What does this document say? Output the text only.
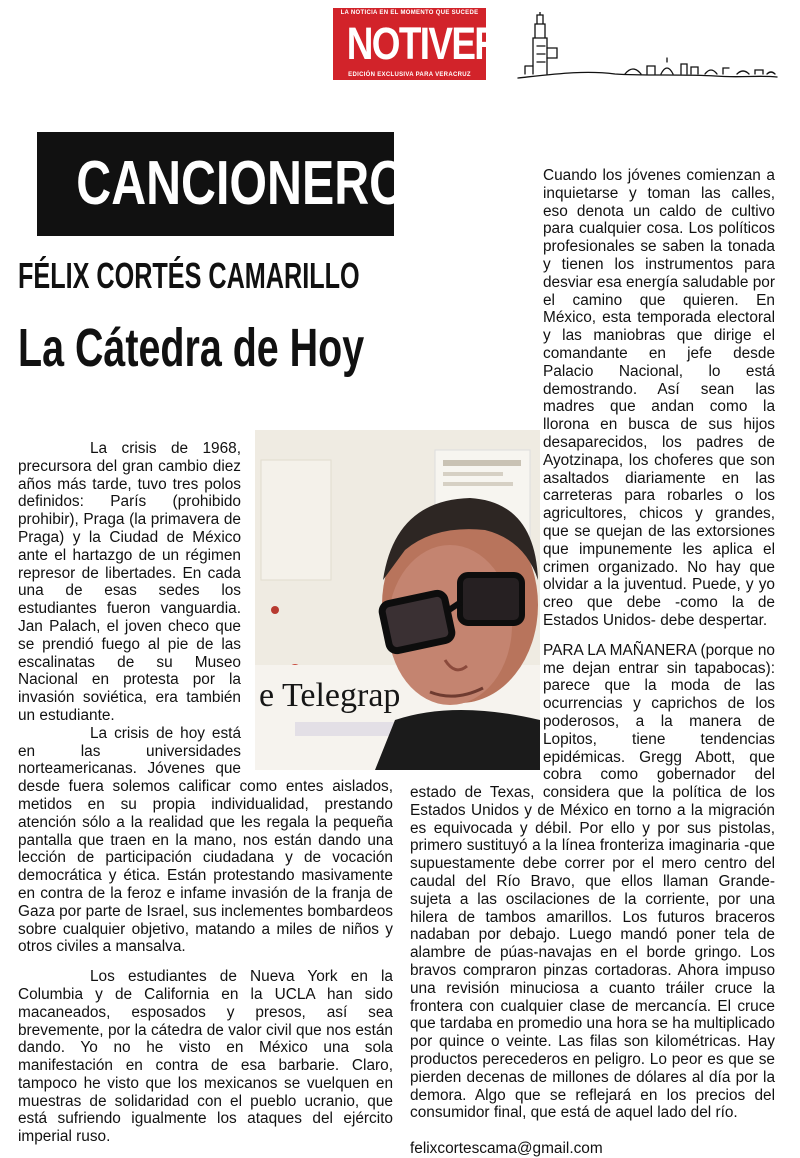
LA NOTICIA EN EL MOMENTO QUE SUCEDE
NOTIVER
EDICIÓN EXCLUSIVA PARA VERACRUZ
CANCIONERO
FÉLIX CORTÉS CAMARILLO
La Cátedra de Hoy

La crisis de 1968, precursora del gran cambio diez años más tarde, tuvo tres polos definidos: París (prohibido prohibir), Praga (la primavera de Praga) y la Ciudad de México ante el hartazgo de un régimen represor de libertades. En cada una de esas sedes los estudiantes fueron vanguardia. Jan Palach, el joven checo que se prendió fuego al pie de las escalinatas de su Museo Nacional en protesta por la invasión soviética, era también un estudiante.

La crisis de hoy está en las universidades norteamericanas. Jóvenes que desde fuera solemos calificar como entes aislados, metidos en su propia individualidad, prestando atención sólo a la realidad que les regala la pequeña pantalla que traen en la mano, nos están dando una lección de participación ciudadana y de vocación democrática y ética. Están protestando masivamente en contra de la feroz e infame invasión de la franja de Gaza por parte de Israel, sus inclementes bombardeos sobre cualquier objetivo, matando a miles de niños y otros civiles a mansalva.

Los estudiantes de Nueva York en la Columbia y de California en la UCLA han sido macaneados, esposados y presos, así sea brevemente, por la cátedra de valor civil que nos están dando. Yo no he visto en México una sola manifestación en contra de esa barbarie. Claro, tampoco he visto que los mexicanos se vuelquen en muestras de solidaridad con el pueblo ucranio, que está sufriendo igualmente los ataques del ejército imperial ruso.

Cuando los jóvenes comienzan a inquietarse y toman las calles, eso denota un caldo de cultivo para cualquier cosa. Los políticos profesionales se saben la tonada y tienen los instrumentos para desviar esa energía saludable por el camino que quieren. En México, esta temporada electoral y las maniobras que dirige el comandante en jefe desde Palacio Nacional, lo está demostrando. Así sean las madres que andan como la llorona en busca de sus hijos desaparecidos, los padres de Ayotzinapa, los choferes que son asaltados diariamente en las carreteras para robarles o los agricultores, chicos y grandes, que se quejan de las extorsiones que impunemente les aplica el crimen organizado. No hay que olvidar a la juventud. Puede, y yo creo que debe -como la de Estados Unidos- debe despertar.

PARA LA MAÑANERA (porque no me dejan entrar sin tapabocas): parece que la moda de las ocurrencias y caprichos de los poderosos, a la manera de Lopitos, tiene tendencias epidémicas. Gregg Abott, que cobra como gobernador del estado de Texas, considera que la política de los Estados Unidos y de México en torno a la migración es equivocada y débil. Por ello y por sus pistolas, primero sustituyó a la línea fronteriza imaginaria -que supuestamente debe correr por el mero centro del caudal del Río Bravo, que ellos llaman Grande- sujeta a las oscilaciones de la corriente, por una hilera de tambos amarillos. Los futuros braceros nadaban por debajo. Luego mandó poner tela de alambre de púas-navajas en el borde gringo. Los bravos compraron pinzas cortadoras. Ahora impuso una revisión minuciosa a cuanto tráiler cruce la frontera con cualquier clase de mercancía. El cruce que tardaba en promedio una hora se ha multiplicado por quince o veinte. Las filas son kilométricas. Hay productos perecederos en peligro. Lo peor es que se pierden decenas de millones de dólares al día por la demora. Algo que se reflejará en los precios del consumidor final, que está de aquel lado del río.

felixcortescama@gmail.com

e Telegrap
